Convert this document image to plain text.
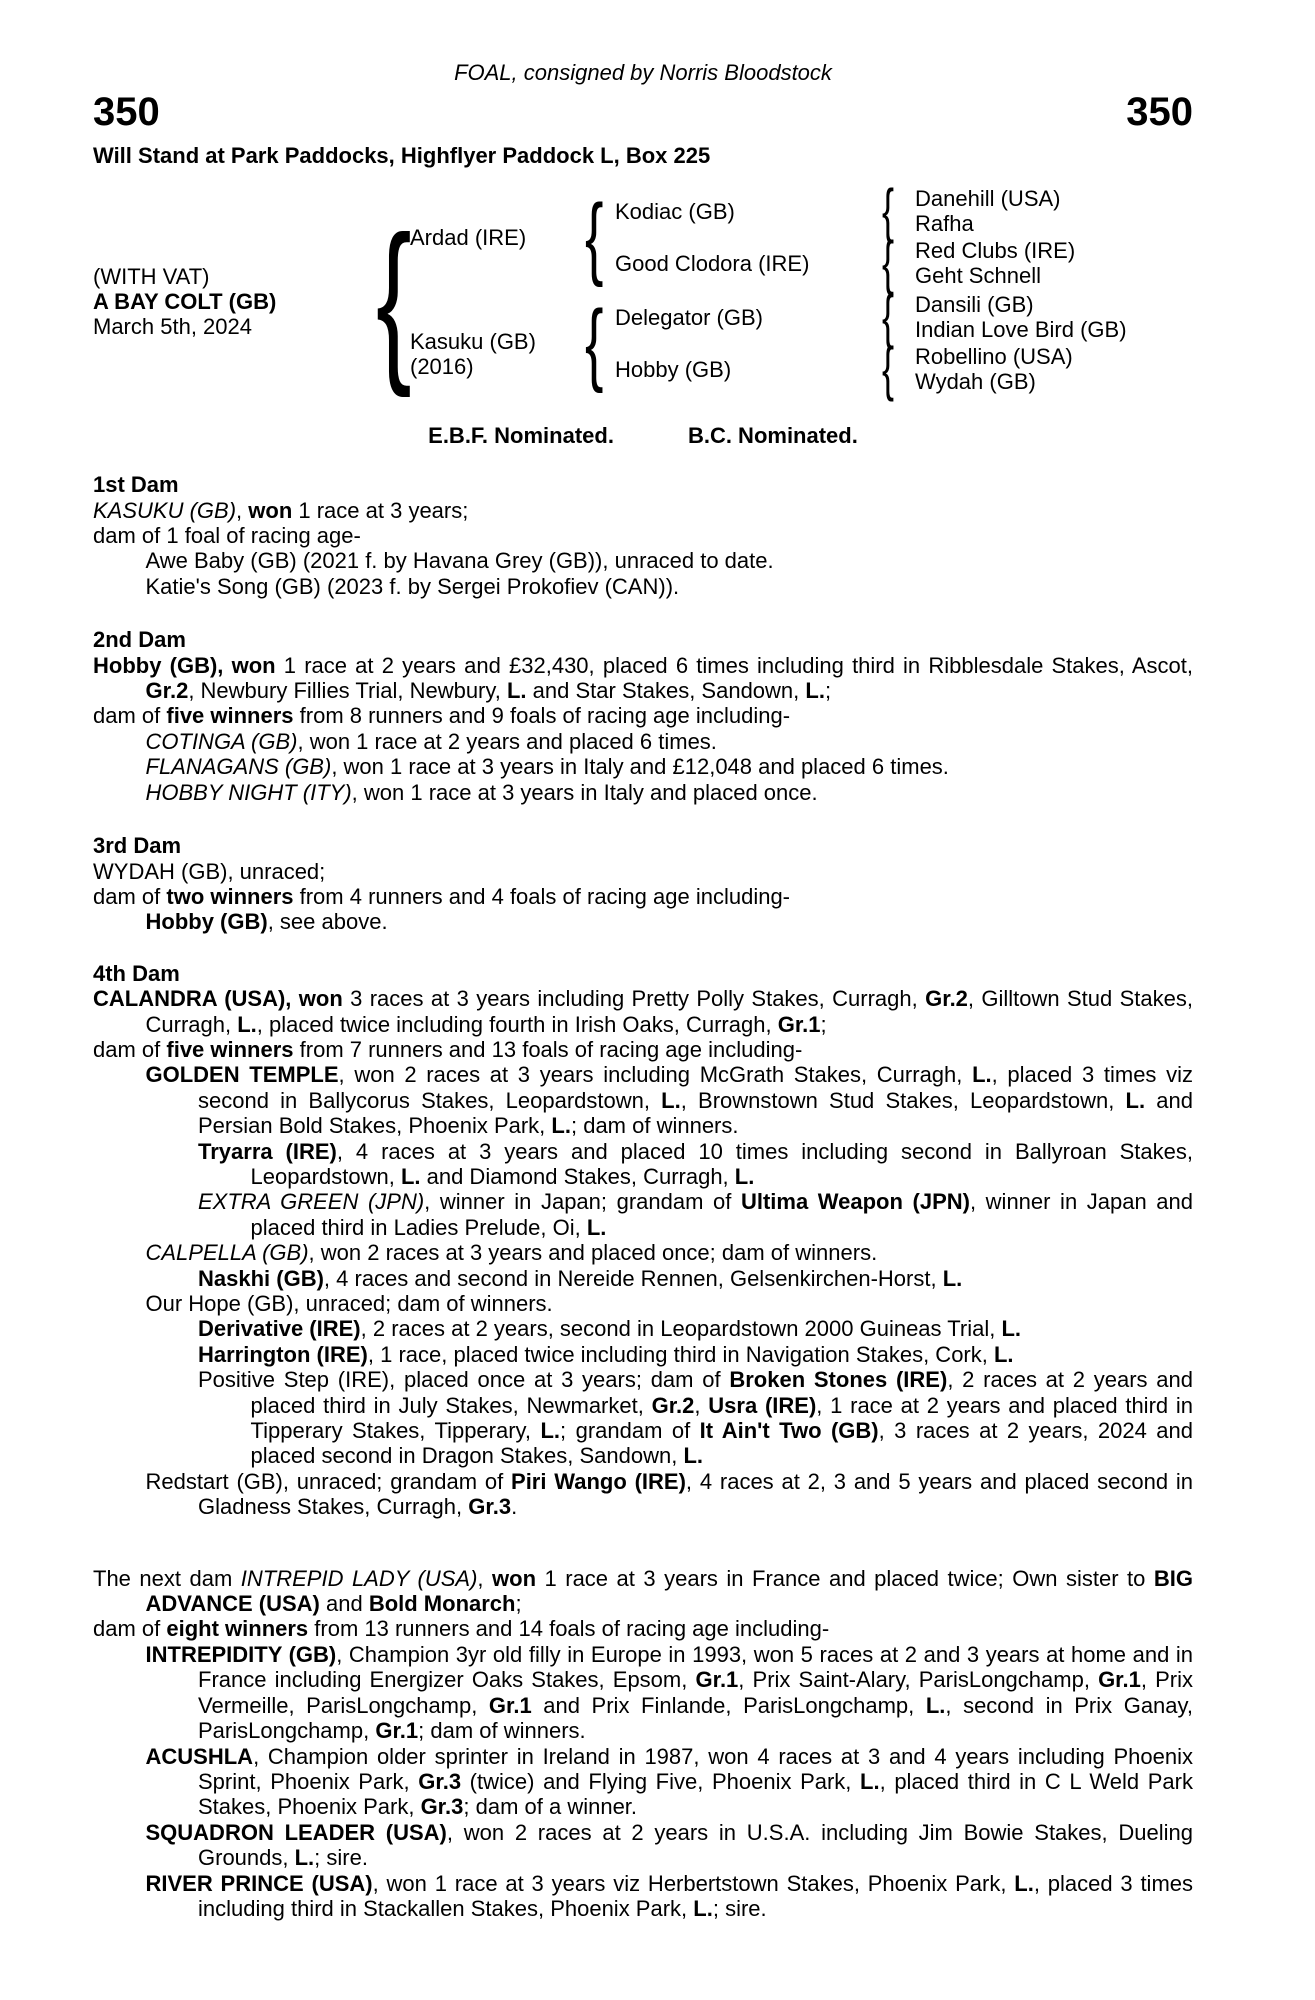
FOAL, consigned by Norris Bloodstock
350	350
Will Stand at Park Paddocks, Highflyer Paddock L, Box 225
(WITH VAT)
A BAY COLT (GB)
March 5th, 2024 { {
{
{
{
{
{
Ardad (IRE)
Kasuku (GB)
(2016)
Kodiac (GB)
Good Clodora (IRE)
Delegator (GB)
Hobby (GB)
Danehill (USA)
Rafha
Red Clubs (IRE)
Geht Schnell
Dansili (GB)
Indian Love Bird (GB)
Robellino (USA)
Wydah (GB)
E.B.F. Nominated.	B.C. Nominated.
1st Dam
KASUKU (GB), won 1 race at 3 years;
dam of 1 foal of racing age-
Awe Baby (GB) (2021 f. by Havana Grey (GB)), unraced to date.
Katie's Song (GB) (2023 f. by Sergei Prokofiev (CAN)).
2nd Dam
Hobby (GB), won 1 race at 2 years and £32,430, placed 6 times including third in Ribblesdale Stakes, Ascot, Gr.2, Newbury Fillies Trial, Newbury, L. and Star Stakes, Sandown, L.;
dam of five winners from 8 runners and 9 foals of racing age including-
COTINGA (GB), won 1 race at 2 years and placed 6 times.
FLANAGANS (GB), won 1 race at 3 years in Italy and £12,048 and placed 6 times.
HOBBY NIGHT (ITY), won 1 race at 3 years in Italy and placed once.
3rd Dam
WYDAH (GB), unraced;
dam of two winners from 4 runners and 4 foals of racing age including-
Hobby (GB), see above.
4th Dam
CALANDRA (USA), won 3 races at 3 years including Pretty Polly Stakes, Curragh, Gr.2, Gilltown Stud Stakes, Curragh, L., placed twice including fourth in Irish Oaks, Curragh, Gr.1;
dam of five winners from 7 runners and 13 foals of racing age including-
GOLDEN TEMPLE, won 2 races at 3 years including McGrath Stakes, Curragh, L., placed 3 times viz second in Ballycorus Stakes, Leopardstown, L., Brownstown Stud Stakes, Leopardstown, L. and Persian Bold Stakes, Phoenix Park, L.; dam of winners.
Tryarra (IRE), 4 races at 3 years and placed 10 times including second in Ballyroan Stakes, Leopardstown, L. and Diamond Stakes, Curragh, L.
EXTRA GREEN (JPN), winner in Japan; grandam of Ultima Weapon (JPN), winner in Japan and placed third in Ladies Prelude, Oi, L.
CALPELLA (GB), won 2 races at 3 years and placed once; dam of winners.
Naskhi (GB), 4 races and second in Nereide Rennen, Gelsenkirchen-Horst, L.
Our Hope (GB), unraced; dam of winners.
Derivative (IRE), 2 races at 2 years, second in Leopardstown 2000 Guineas Trial, L.
Harrington (IRE), 1 race, placed twice including third in Navigation Stakes, Cork, L.
Positive Step (IRE), placed once at 3 years; dam of Broken Stones (IRE), 2 races at 2 years and placed third in July Stakes, Newmarket, Gr.2, Usra (IRE), 1 race at 2 years and placed third in Tipperary Stakes, Tipperary, L.; grandam of It Ain't Two (GB), 3 races at 2 years, 2024 and placed second in Dragon Stakes, Sandown, L.
Redstart (GB), unraced; grandam of Piri Wango (IRE), 4 races at 2, 3 and 5 years and placed second in Gladness Stakes, Curragh, Gr.3.
The next dam INTREPID LADY (USA), won 1 race at 3 years in France and placed twice; Own sister to BIG ADVANCE (USA) and Bold Monarch;
dam of eight winners from 13 runners and 14 foals of racing age including-
INTREPIDITY (GB), Champion 3yr old filly in Europe in 1993, won 5 races at 2 and 3 years at home and in France including Energizer Oaks Stakes, Epsom, Gr.1, Prix Saint-Alary, ParisLongchamp, Gr.1, Prix Vermeille, ParisLongchamp, Gr.1 and Prix Finlande, ParisLongchamp, L., second in Prix Ganay, ParisLongchamp, Gr.1; dam of winners.
ACUSHLA, Champion older sprinter in Ireland in 1987, won 4 races at 3 and 4 years including Phoenix Sprint, Phoenix Park, Gr.3 (twice) and Flying Five, Phoenix Park, L., placed third in C L Weld Park Stakes, Phoenix Park, Gr.3; dam of a winner.
SQUADRON LEADER (USA), won 2 races at 2 years in U.S.A. including Jim Bowie Stakes, Dueling Grounds, L.; sire.
RIVER PRINCE (USA), won 1 race at 3 years viz Herbertstown Stakes, Phoenix Park, L., placed 3 times including third in Stackallen Stakes, Phoenix Park, L.; sire.
